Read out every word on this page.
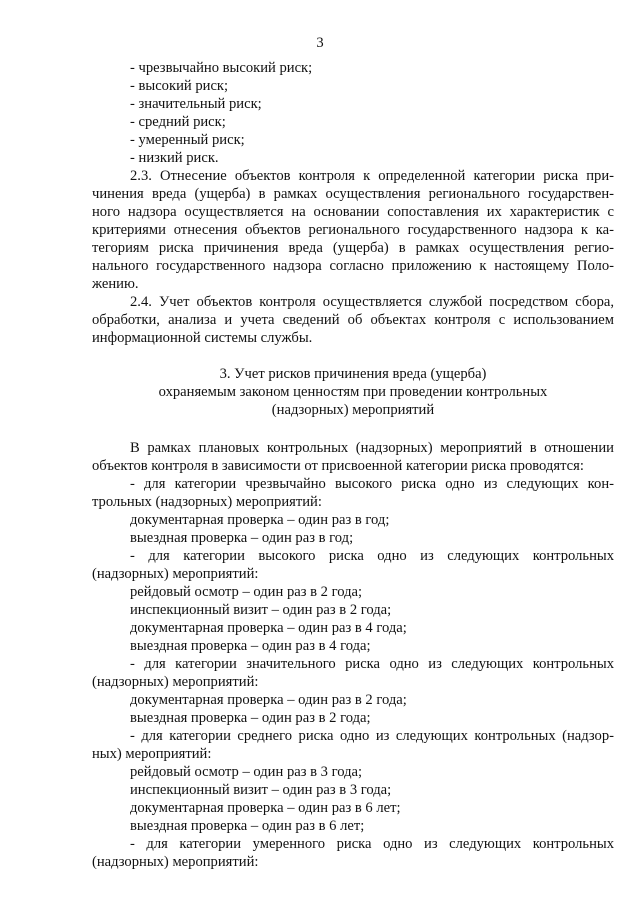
3
- чрезвычайно высокий риск;
- высокий риск;
- значительный риск;
- средний риск;
- умеренный риск;
- низкий риск.
2.3. Отнесение объектов контроля к определенной категории риска при-
чинения вреда (ущерба) в рамках осуществления регионального государствен-
ного надзора осуществляется на основании сопоставления их характеристик с
критериями отнесения объектов регионального государственного надзора к ка-
тегориям риска причинения вреда (ущерба) в рамках осуществления регио-
нального государственного надзора согласно приложению к настоящему Поло-
жению.
2.4. Учет объектов контроля осуществляется службой посредством сбора,
обработки, анализа и учета сведений об объектах контроля с использованием
информационной системы службы.
3. Учет рисков причинения вреда (ущерба)
охраняемым законом ценностям при проведении контрольных
(надзорных) мероприятий
В рамках плановых контрольных (надзорных) мероприятий в отношении
объектов контроля в зависимости от присвоенной категории риска проводятся:
- для категории чрезвычайно высокого риска одно из следующих кон-
трольных (надзорных) мероприятий:
документарная проверка – один раз в год;
выездная проверка – один раз в год;
- для категории высокого риска одно из следующих контрольных
(надзорных) мероприятий:
рейдовый осмотр – один раз в 2 года;
инспекционный визит – один раз в 2 года;
документарная проверка – один раз в 4 года;
выездная проверка – один раз в 4 года;
- для категории значительного риска одно из следующих контрольных
(надзорных) мероприятий:
документарная проверка – один раз в 2 года;
выездная проверка – один раз в 2 года;
- для категории среднего риска одно из следующих контрольных (надзор-
ных) мероприятий:
рейдовый осмотр – один раз в 3 года;
инспекционный визит – один раз в 3 года;
документарная проверка – один раз в 6 лет;
выездная проверка – один раз в 6 лет;
- для категории умеренного риска одно из следующих контрольных
(надзорных) мероприятий:
